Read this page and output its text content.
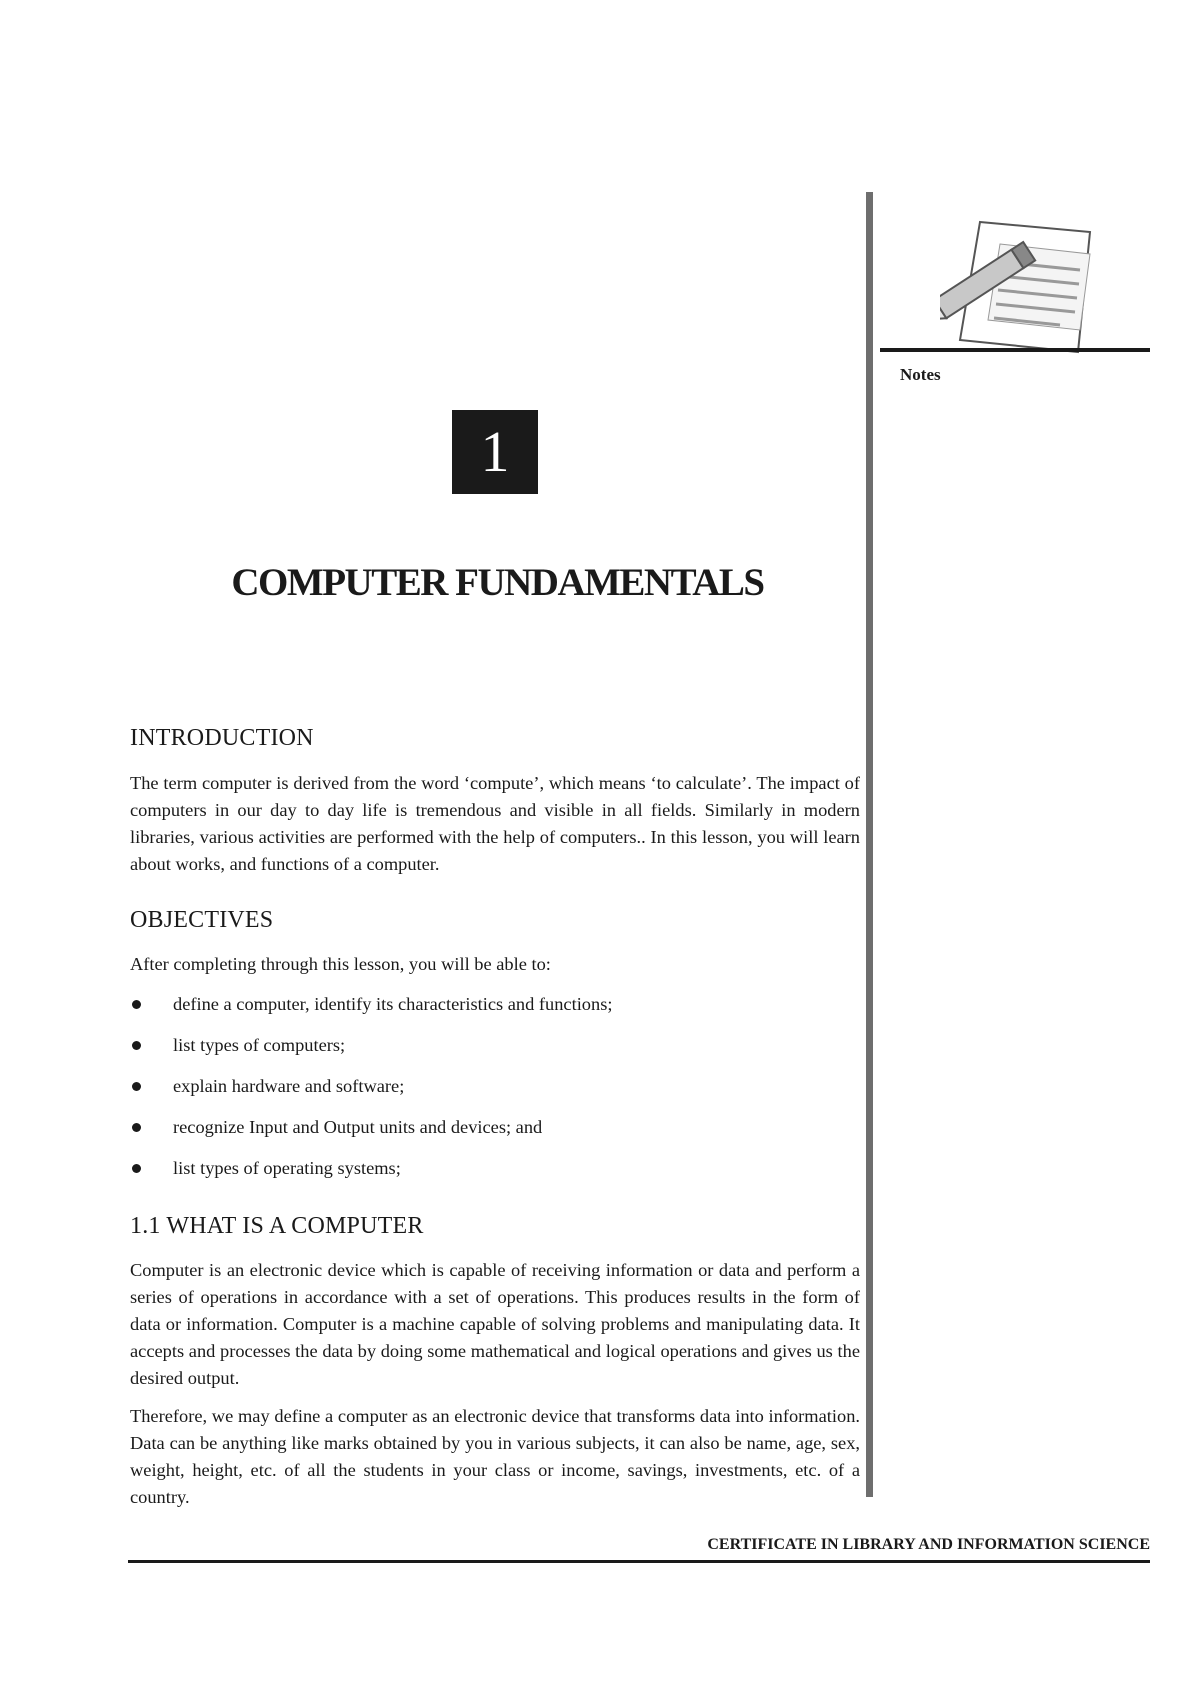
Notes
1
COMPUTER FUNDAMENTALS
INTRODUCTION

The term computer is derived from the word ‘compute’, which means ‘to calculate’. The impact of computers in our day to day life is tremendous and visible in all fields. Similarly in modern libraries, various activities are performed with the help of computers.. In this lesson, you will learn about works, and functions of a computer.

OBJECTIVES

After completing through this lesson, you will be able to:

define a computer, identify its characteristics and functions;
list types of computers;
explain hardware and software;
recognize Input and Output units and devices; and
list types of operating systems;
1.1 WHAT IS A COMPUTER

Computer is an electronic device which is capable of receiving information or data and perform a series of operations in accordance with a set of operations. This produces results in the form of data or information. Computer is a machine capable of solving problems and manipulating data. It accepts and processes the data by doing some mathematical and logical operations and gives us the desired output.

Therefore, we may define a computer as an electronic device that transforms data into information. Data can be anything like marks obtained by you in various subjects, it can also be name, age, sex, weight, height, etc. of all the students in your class or income, savings, investments, etc. of a country.

CERTIFICATE IN LIBRARY AND INFORMATION SCIENCE
